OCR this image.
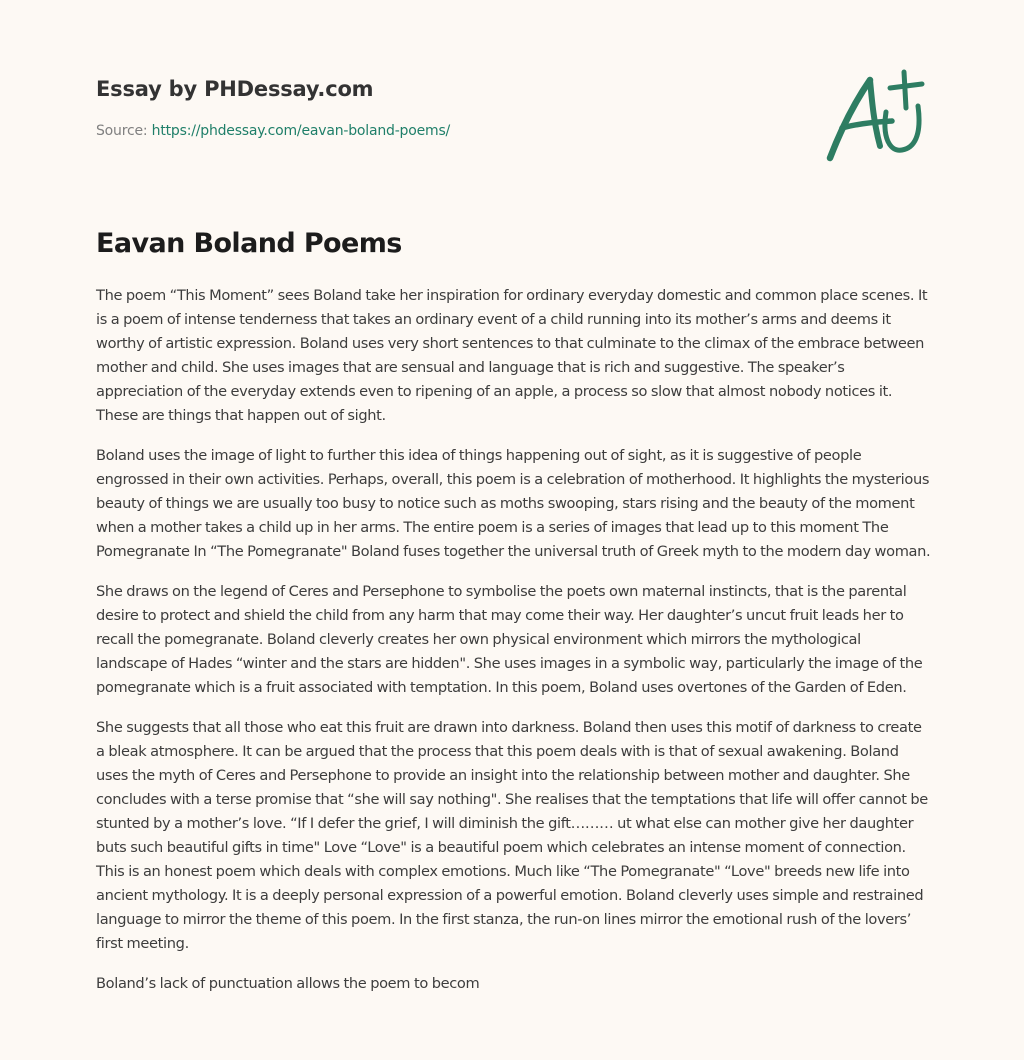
Essay by PHDessay.com
Source: https://phdessay.com/eavan-boland-poems/
Eavan Boland Poems

The poem “This Moment” sees Boland take her inspiration for ordinary everyday domestic and common place scenes. It is a poem of intense tenderness that takes an ordinary event of a child running into its mother’s arms and deems it worthy of artistic expression. Boland uses very short sentences to that culminate to the climax of the embrace between mother and child. She uses images that are sensual and language that is rich and suggestive. The speaker’s appreciation of the everyday extends even to ripening of an apple, a process so slow that almost nobody notices it. These are things that happen out of sight.

Boland uses the image of light to further this idea of things happening out of sight, as it is suggestive of people engrossed in their own activities. Perhaps, overall, this poem is a celebration of motherhood. It highlights the mysterious beauty of things we are usually too busy to notice such as moths swooping, stars rising and the beauty of the moment when a mother takes a child up in her arms. The entire poem is a series of images that lead up to this moment The Pomegranate In “The Pomegranate" Boland fuses together the universal truth of Greek myth to the modern day woman.

She draws on the legend of Ceres and Persephone to symbolise the poets own maternal instincts, that is the parental desire to protect and shield the child from any harm that may come their way. Her daughter’s uncut fruit leads her to recall the pomegranate. Boland cleverly creates her own physical environment which mirrors the mythological landscape of Hades “winter and the stars are hidden". She uses images in a symbolic way, particularly the image of the pomegranate which is a fruit associated with temptation. In this poem, Boland uses overtones of the Garden of Eden.

She suggests that all those who eat this fruit are drawn into darkness. Boland then uses this motif of darkness to create a bleak atmosphere. It can be argued that the process that this poem deals with is that of sexual awakening. Boland uses the myth of Ceres and Persephone to provide an insight into the relationship between mother and daughter. She concludes with a terse promise that “she will say nothing". She realises that the temptations that life will offer cannot be stunted by a mother’s love. “If I defer the grief, I will diminish the gift……… ut what else can mother give her daughter buts such beautiful gifts in time" Love “Love" is a beautiful poem which celebrates an intense moment of connection. This is an honest poem which deals with complex emotions. Much like “The Pomegranate" “Love" breeds new life into ancient mythology. It is a deeply personal expression of a powerful emotion. Boland cleverly uses simple and restrained language to mirror the theme of this poem. In the first stanza, the run-on lines mirror the emotional rush of the lovers’ first meeting.

Boland’s lack of punctuation allows the poem to becom
